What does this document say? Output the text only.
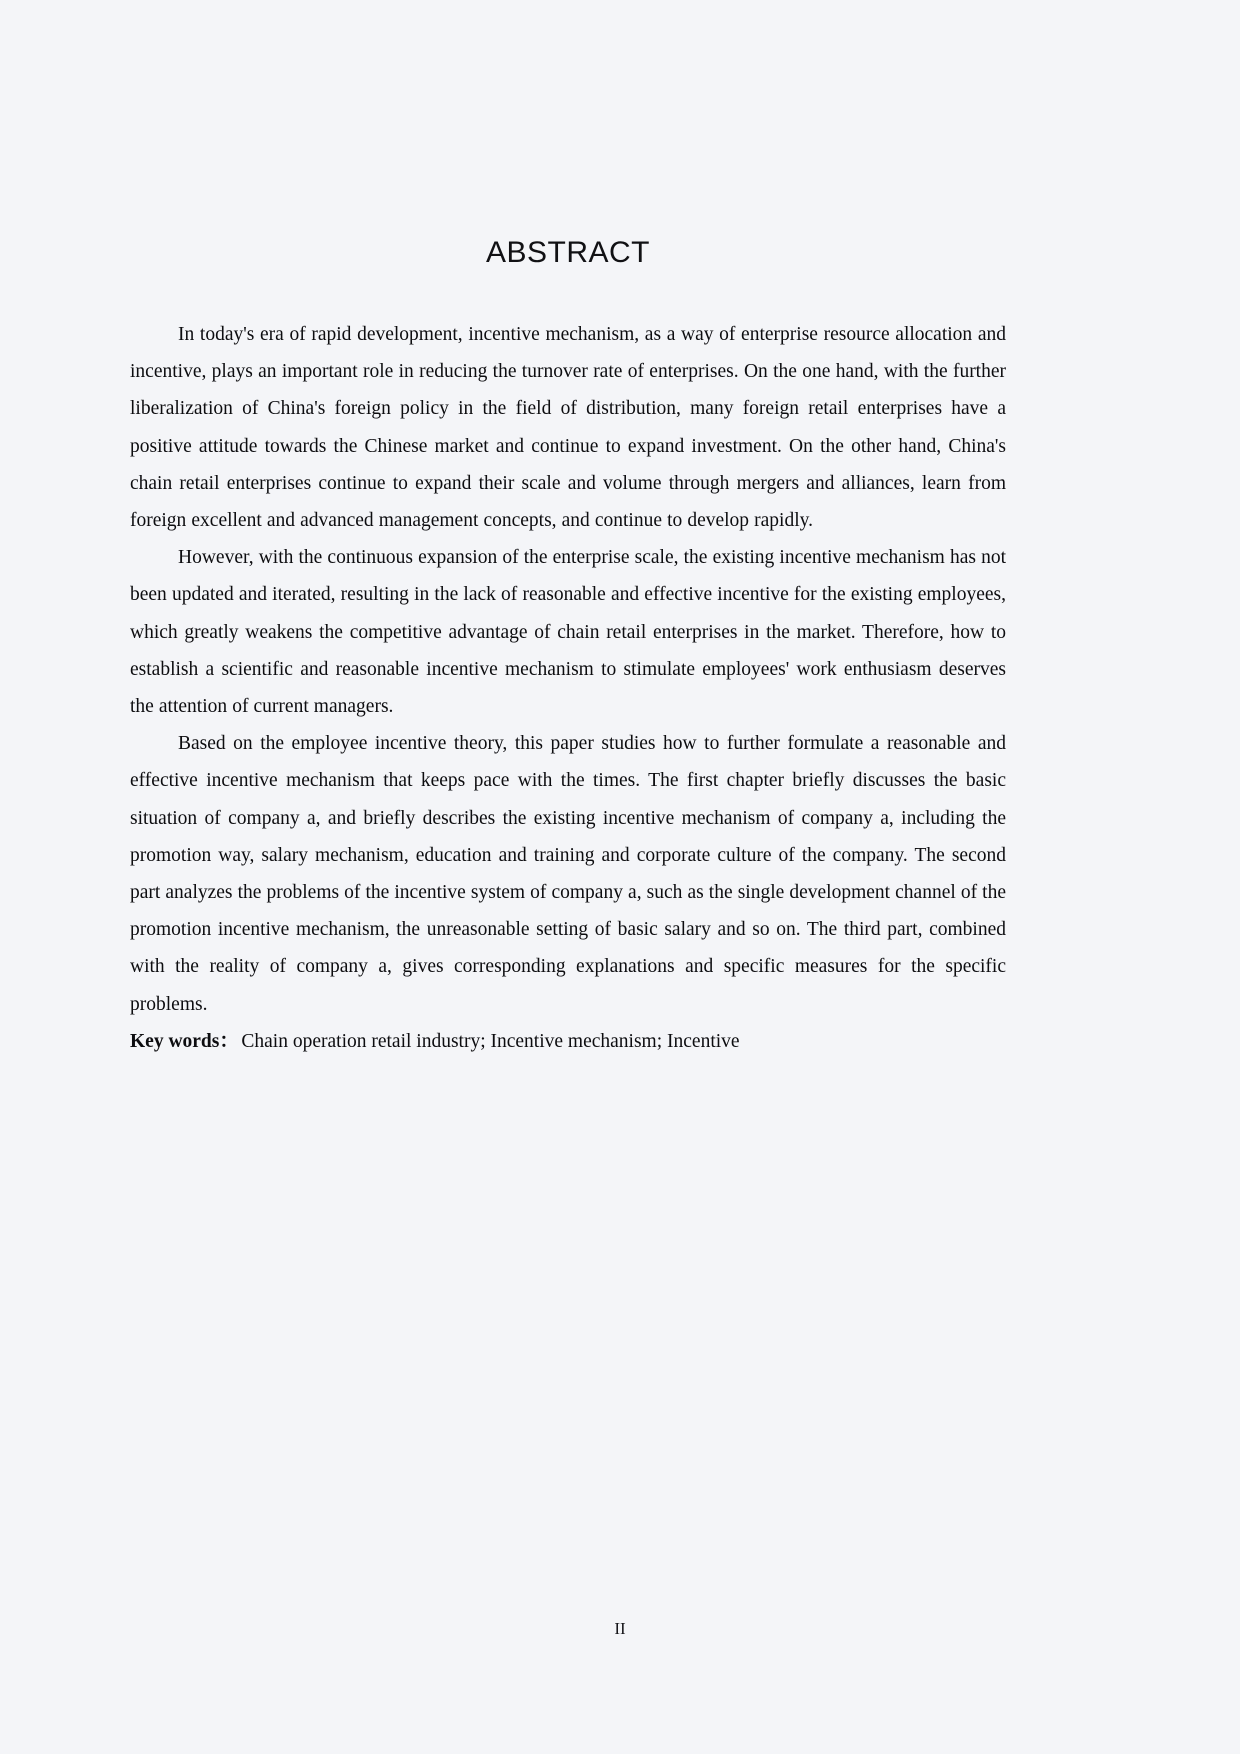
ABSTRACT

In today's era of rapid development, incentive mechanism, as a way of enterprise resource allocation and incentive, plays an important role in reducing the turnover rate of enterprises. On the one hand, with the further liberalization of China's foreign policy in the field of distribution, many foreign retail enterprises have a positive attitude towards the Chinese market and continue to expand investment. On the other hand, China's chain retail enterprises continue to expand their scale and volume through mergers and alliances, learn from foreign excellent and advanced management concepts, and continue to develop rapidly.

However, with the continuous expansion of the enterprise scale, the existing incentive mechanism has not been updated and iterated, resulting in the lack of reasonable and effective incentive for the existing employees, which greatly weakens the competitive advantage of chain retail enterprises in the market. Therefore, how to establish a scientific and reasonable incentive mechanism to stimulate employees' work enthusiasm deserves the attention of current managers.

Based on the employee incentive theory, this paper studies how to further formulate a reasonable and effective incentive mechanism that keeps pace with the times. The first chapter briefly discusses the basic situation of company a, and briefly describes the existing incentive mechanism of company a, including the promotion way, salary mechanism, education and training and corporate culture of the company. The second part analyzes the problems of the incentive system of company a, such as the single development channel of the promotion incentive mechanism, the unreasonable setting of basic salary and so on. The third part, combined with the reality of company a, gives corresponding explanations and specific measures for the specific problems.

Key words： Chain operation retail industry; Incentive mechanism; Incentive

II
